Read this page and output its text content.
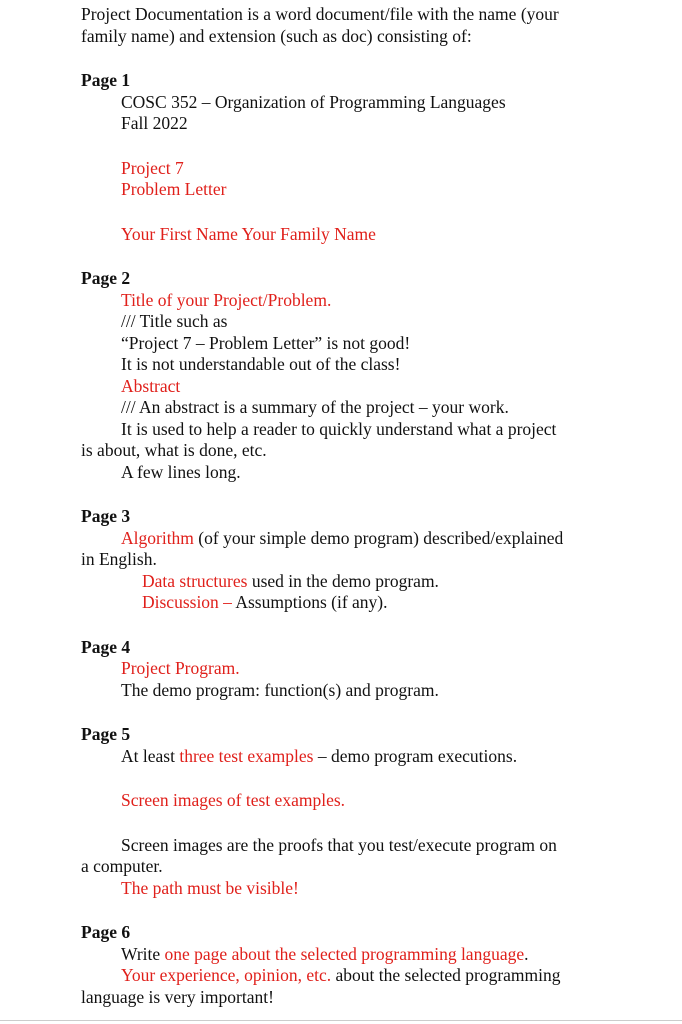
Project Documentation is a word document/file with the name (your
family name) and extension (such as doc) consisting of:
Page 1
COSC 352 – Organization of Programming Languages
Fall 2022
Project 7
Problem Letter
Your First Name Your Family Name
Page 2
Title of your Project/Problem.
/// Title such as
“Project 7 – Problem Letter” is not good!
It is not understandable out of the class!
Abstract
/// An abstract is a summary of the project – your work.
It is used to help a reader to quickly understand what a project
is about, what is done, etc.
A few lines long.
Page 3
Algorithm (of your simple demo program) described/explained
in English.
Data structures used in the demo program.
Discussion – Assumptions (if any).
Page 4
Project Program.
The demo program: function(s) and program.
Page 5
At least three test examples – demo program executions.
Screen images of test examples.
Screen images are the proofs that you test/execute program on
a computer.
The path must be visible!
Page 6
Write one page about the selected programming language.
Your experience, opinion, etc. about the selected programming
language is very important!
